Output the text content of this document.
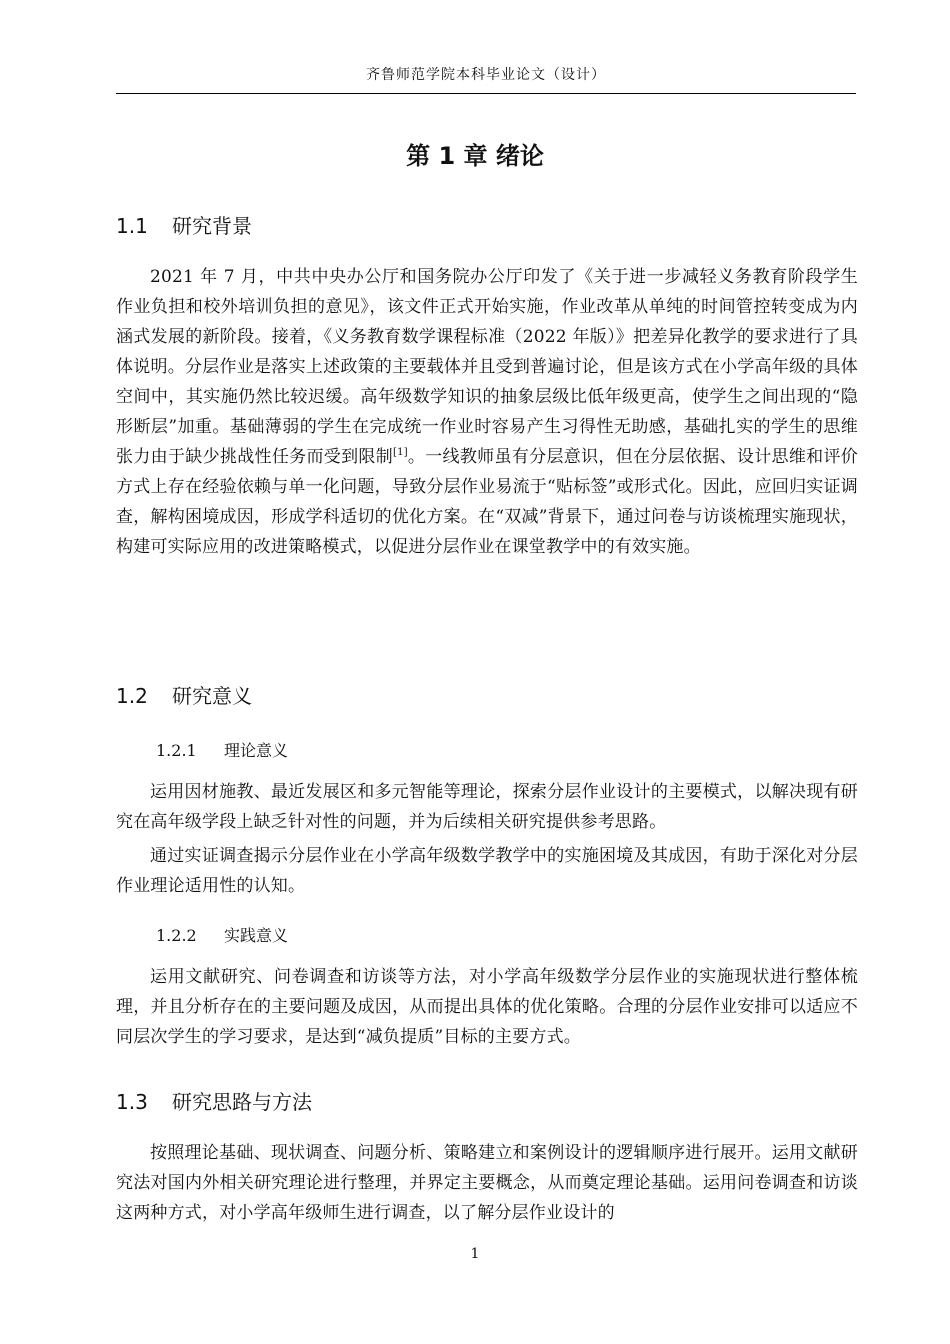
齐鲁师范学院本科毕业论文（设计）
第 1 章 绪论
1.1 研究背景

2021 年 7 月，中共中央办公厅和国务院办公厅印发了《关于进一步减轻义务教育阶段学生作业负担和校外培训负担的意见》，该文件正式开始实施，作业改革从单纯的时间管控转变成为内涵式发展的新阶段。接着，《义务教育数学课程标准（2022 年版）》把差异化教学的要求进行了具体说明。分层作业是落实上述政策的主要载体并且受到普遍讨论，但是该方式在小学高年级的具体空间中，其实施仍然比较迟缓。高年级数学知识的抽象层级比低年级更高，使学生之间出现的“隐形断层”加重。基础薄弱的学生在完成统一作业时容易产生习得性无助感，基础扎实的学生的思维张力由于缺少挑战性任务而受到限制[1]。一线教师虽有分层意识，但在分层依据、设计思维和评价方式上存在经验依赖与单一化问题，导致分层作业易流于“贴标签”或形式化。因此，应回归实证调查，解构困境成因，形成学科适切的优化方案。在“双减”背景下，通过问卷与访谈梳理实施现状，构建可实际应用的改进策略模式，以促进分层作业在课堂教学中的有效实施。

1.2 研究意义
1.2.1 理论意义

运用因材施教、最近发展区和多元智能等理论，探索分层作业设计的主要模式，以解决现有研究在高年级学段上缺乏针对性的问题，并为后续相关研究提供参考思路。

通过实证调查揭示分层作业在小学高年级数学教学中的实施困境及其成因，有助于深化对分层作业理论适用性的认知。

1.2.2 实践意义

运用文献研究、问卷调查和访谈等方法，对小学高年级数学分层作业的实施现状进行整体梳理，并且分析存在的主要问题及成因，从而提出具体的优化策略。合理的分层作业安排可以适应不同层次学生的学习要求，是达到“减负提质”目标的主要方式。

1.3 研究思路与方法

按照理论基础、现状调查、问题分析、策略建立和案例设计的逻辑顺序进行展开。运用文献研究法对国内外相关研究理论进行整理，并界定主要概念，从而奠定理论基础。运用问卷调查和访谈这两种方式，对小学高年级师生进行调查，以了解分层作业设计的

1
